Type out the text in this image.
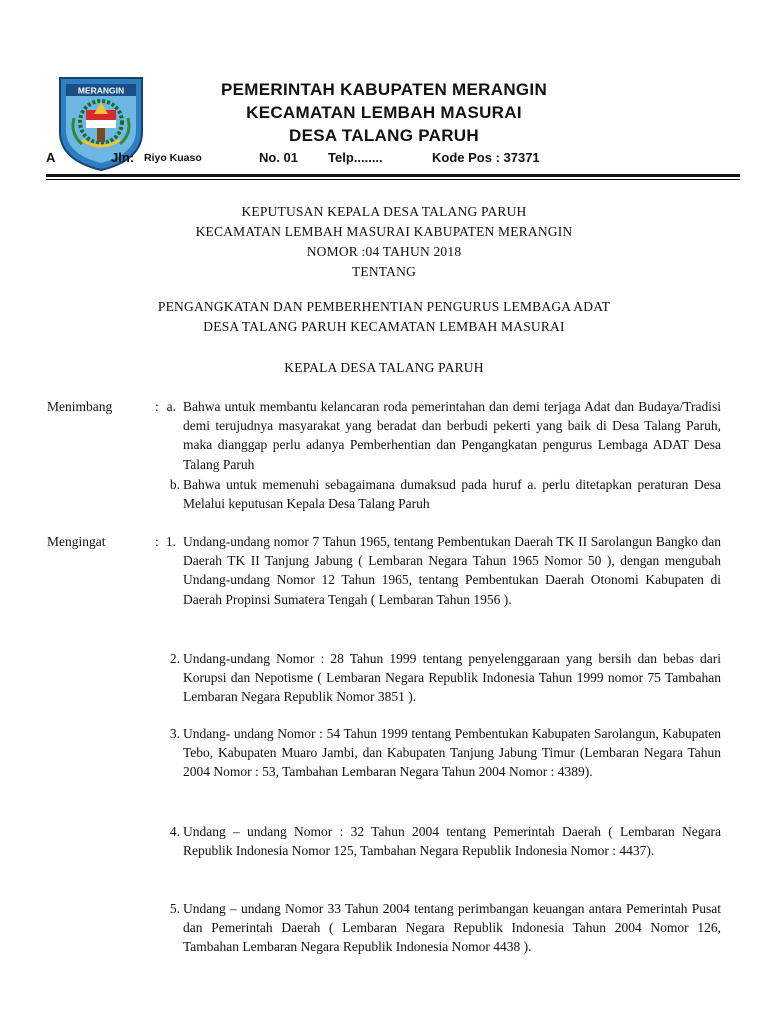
MERANGIN	PEMERINTAH KABUPATEN MERANGIN
KECAMATAN LEMBAH MASURAI
DESA TALANG PARUH
A	Jln: Riyo Kuaso	No. 01 Telp........	Kode Pos : 37371
KEPUTUSAN KEPALA DESA TALANG PARUH
KECAMATAN LEMBAH MASURAI KABUPATEN MERANGIN
NOMOR :04 TAHUN 2018
TENTANG
PENGANGKATAN DAN PEMBERHENTIAN PENGURUS LEMBAGA ADAT
DESA TALANG PARUH KECAMATAN LEMBAH MASURAI
KEPALA DESA TALANG PARUH
Menimbang	: a. Bahwa untuk membantu kelancaran roda pemerintahan dan demi terjaga Adat dan Budaya/Tradisi demi terujudnya masyarakat yang beradat dan berbudi pekerti yang baik di Desa Talang Paruh, maka dianggap perlu adanya Pemberhentian dan Pengangkatan pengurus Lembaga ADAT Desa Talang Paruh
b. Bahwa untuk memenuhi sebagaimana dumaksud pada huruf a. perlu ditetapkan peraturan Desa Melalui keputusan Kepala Desa Talang Paruh
Mengingat	: 1. Undang-undang nomor 7 Tahun 1965, tentang Pembentukan Daerah TK II Sarolangun Bangko dan Daerah TK II Tanjung Jabung ( Lembaran Negara Tahun 1965 Nomor 50 ), dengan mengubah Undang-undang Nomor 12 Tahun 1965, tentang Pembentukan Daerah Otonomi Kabupaten di Daerah Propinsi Sumatera Tengah ( Lembaran Tahun 1956 ).
2. Undang-undang Nomor : 28 Tahun 1999 tentang penyelenggaraan yang bersih dan bebas dari Korupsi dan Nepotisme ( Lembaran Negara Republik Indonesia Tahun 1999 nomor 75 Tambahan Lembaran Negara Republik Nomor 3851 ).
3. Undang- undang Nomor : 54 Tahun 1999 tentang Pembentukan Kabupaten Sarolangun, Kabupaten Tebo, Kabupaten Muaro Jambi, dan Kabupaten Tanjung Jabung Timur (Lembaran Negara Tahun 2004 Nomor : 53, Tambahan Lembaran Negara Tahun 2004 Nomor : 4389).
4. Undang – undang Nomor : 32 Tahun 2004 tentang Pemerintah Daerah ( Lembaran Negara Republik Indonesia Nomor 125, Tambahan Negara Republik Indonesia Nomor : 4437).
5. Undang – undang Nomor 33 Tahun 2004 tentang perimbangan keuangan antara Pemerintah Pusat dan Pemerintah Daerah ( Lembaran Negara Republik Indonesia Tahun 2004 Nomor 126, Tambahan Lembaran Negara Republik Indonesia Nomor 4438 ).
